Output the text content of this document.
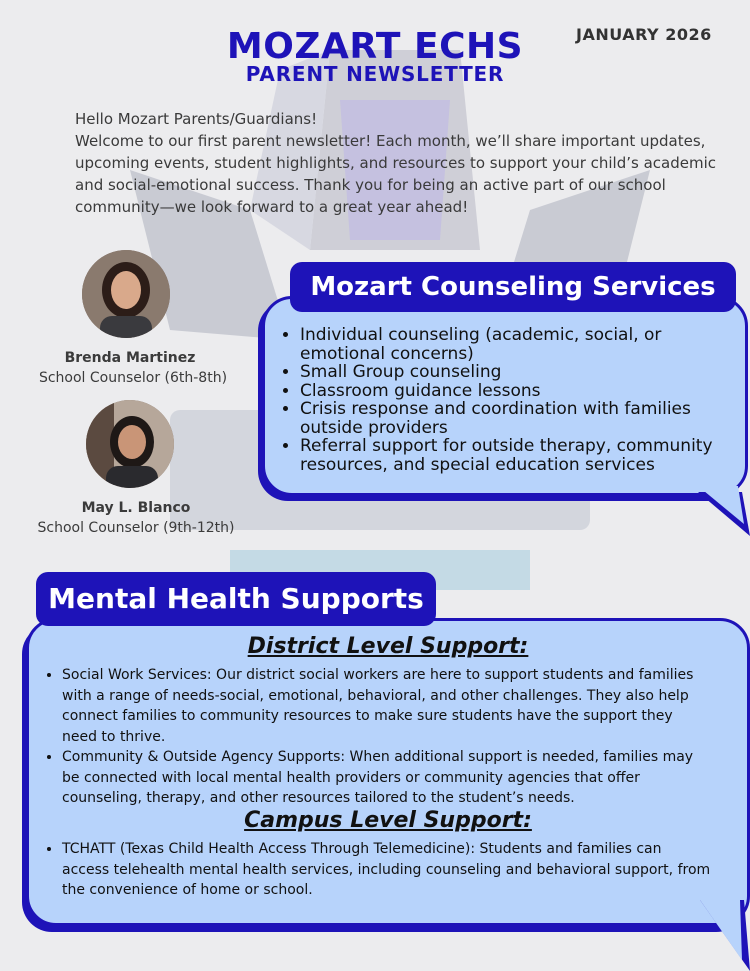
JANUARY 2026
MOZART ECHS
PARENT NEWSLETTER

Hello Mozart Parents/Guardians!

Welcome to our first parent newsletter! Each month, we’ll share important updates, upcoming events, student highlights, and resources to support your child’s academic and social-emotional success. Thank you for being an active part of our school community—we look forward to a great year ahead!

Brenda Martinez
School Counselor (6th-8th)
May L. Blanco
School Counselor (9th-12th)
Mozart Counseling Services
• Individual counseling (academic, social, or emotional concerns)
• Small Group counseling
• Classroom guidance lessons
• Crisis response and coordination with families outside providers
• Referral support for outside therapy, community resources, and special education services
Mental Health Supports
District Level Support:
• Social Work Services: Our district social workers are here to support students and families with a range of needs-social, emotional, behavioral, and other challenges. They also help connect families to community resources to make sure students have the support they need to thrive.
• Community & Outside Agency Supports: When additional support is needed, families may be connected with local mental health providers or community agencies that offer counseling, therapy, and other resources tailored to the student’s needs.
Campus Level Support:
• TCHATT (Texas Child Health Access Through Telemedicine): Students and families can access telehealth mental health services, including counseling and behavioral support, from the convenience of home or school.
